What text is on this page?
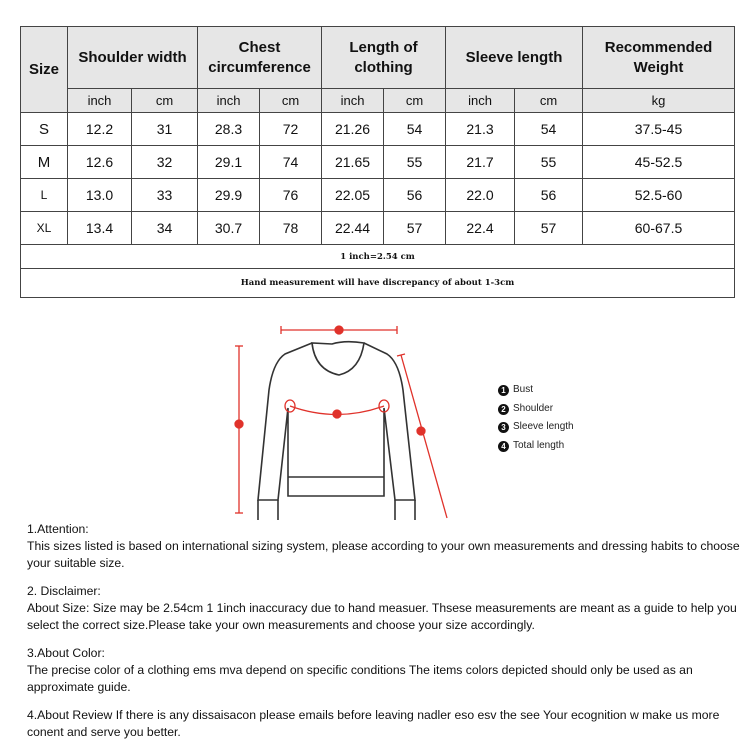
Size	Shoulder width		Chest circumference		Length of clothing		Sleeve length		Recommended Weight
	inch	cm	inch	cm	inch	cm	inch	cm	kg
S	12.2	31	28.3	72	21.26	54	21.3	54	37.5-45
M	12.6	32	29.1	74	21.65	55	21.7	55	45-52.5
L	13.0	33	29.9	76	22.05	56	22.0	56	52.5-60
XL	13.4	34	30.7	78	22.44	57	22.4	57	60-67.5
1 inch=2.54 cm									
Hand measurement will have discrepancy of about 1-3cm									
1 Bust
2 Shoulder
3 Sleeve length
4 Total length

1.Attention:
This sizes listed is based on international sizing system, please according to your own measurements and dressing habits to choose your suitable size.

2. Disclaimer:
About Size: Size may be 2.54cm 1 1inch inaccuracy due to hand measuer. Thsese measurements are meant as a guide to help you select the correct size.Please take your own measurements and choose your size accordingly.

3.About Color:
The precise color of a clothing ems mva depend on specific conditions The items colors depicted should only be used as an approximate guide.

4.About Review If there is any dissaisacon please emails before leaving nadler eso esv the see Your ecognition w make us more conent and serve you better.
